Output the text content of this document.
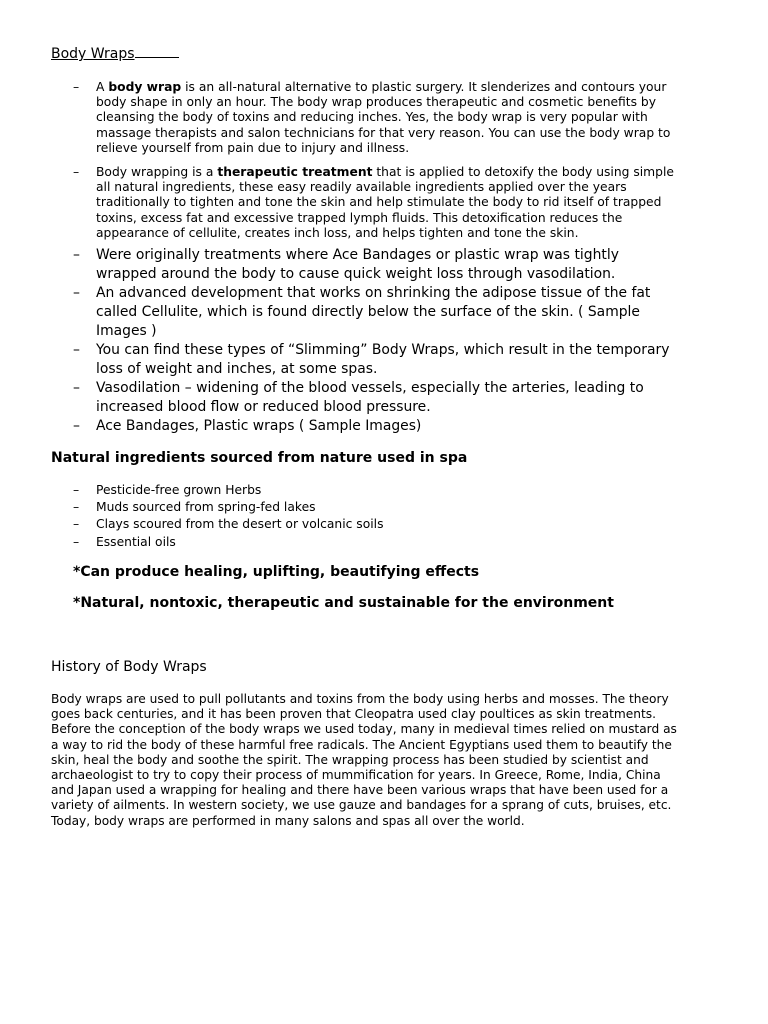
Body Wraps
– A body wrap is an all-natural alternative to plastic surgery. It slenderizes and contours your body shape in only an hour. The body wrap produces therapeutic and cosmetic benefits by cleansing the body of toxins and reducing inches. Yes, the body wrap is very popular with massage therapists and salon technicians for that very reason. You can use the body wrap to relieve yourself from pain due to injury and illness.
– Body wrapping is a therapeutic treatment that is applied to detoxify the body using simple all natural ingredients, these easy readily available ingredients applied over the years traditionally to tighten and tone the skin and help stimulate the body to rid itself of trapped toxins, excess fat and excessive trapped lymph fluids. This detoxification reduces the appearance of cellulite, creates inch loss, and helps tighten and tone the skin.
– Were originally treatments where Ace Bandages or plastic wrap was tightly wrapped around the body to cause quick weight loss through vasodilation.
– An advanced development that works on shrinking the adipose tissue of the fat called Cellulite, which is found directly below the surface of the skin. ( Sample Images )
– You can find these types of “Slimming” Body Wraps, which result in the temporary loss of weight and inches, at some spas.
– Vasodilation – widening of the blood vessels, especially the arteries, leading to increased blood flow or reduced blood pressure.
– Ace Bandages, Plastic wraps ( Sample Images)
Natural ingredients sourced from nature used in spa
– Pesticide-free grown Herbs
– Muds sourced from spring-fed lakes
– Clays scoured from the desert or volcanic soils
– Essential oils

*Can produce healing, uplifting, beautifying effects

*Natural, nontoxic, therapeutic and sustainable for the environment

History of Body Wraps

Body wraps are used to pull pollutants and toxins from the body using herbs and mosses. The theory goes back centuries, and it has been proven that Cleopatra used clay poultices as skin treatments. Before the conception of the body wraps we used today, many in medieval times relied on mustard as a way to rid the body of these harmful free radicals. The Ancient Egyptians used them to beautify the skin, heal the body and soothe the spirit. The wrapping process has been studied by scientist and archaeologist to try to copy their process of mummification for years. In Greece, Rome, India, China and Japan used a wrapping for healing and there have been various wraps that have been used for a variety of ailments. In western society, we use gauze and bandages for a sprang of cuts, bruises, etc. Today, body wraps are performed in many salons and spas all over the world.
